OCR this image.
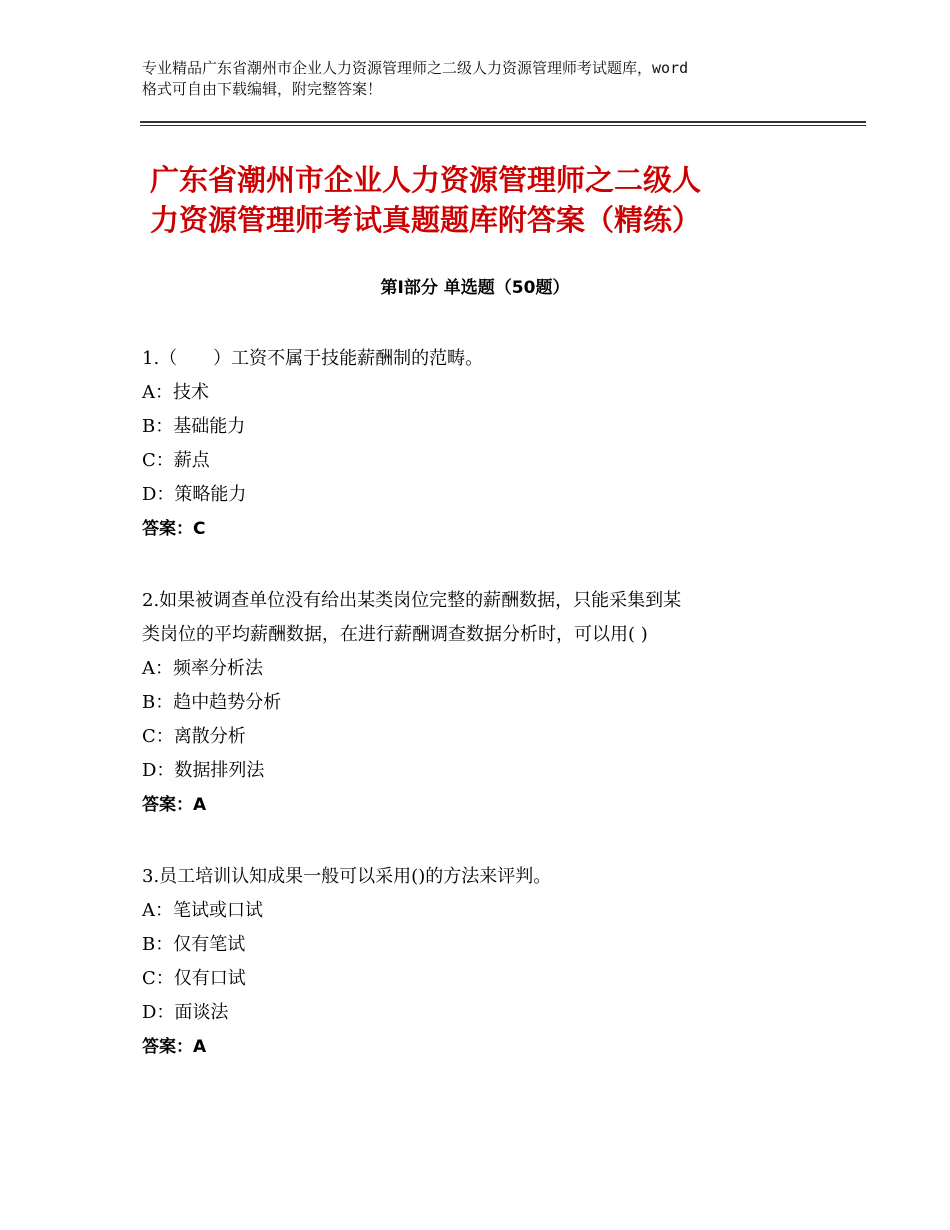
专业精品广东省潮州市企业人力资源管理师之二级人力资源管理师考试题库，word
格式可自由下载编辑，附完整答案！
广东省潮州市企业人力资源管理师之二级人
力资源管理师考试真题题库附答案（精练）
第Ⅰ部分 单选题（50题）

1.（　　）工资不属于技能薪酬制的范畴。

A：技术

B：基础能力

C：薪点

D：策略能力

答案：C

2.如果被调查单位没有给出某类岗位完整的薪酬数据，只能采集到某

类岗位的平均薪酬数据，在进行薪酬调查数据分析时，可以用( )

A：频率分析法

B：趋中趋势分析

C：离散分析

D：数据排列法

答案：A

3.员工培训认知成果一般可以采用()的方法来评判。

A：笔试或口试

B：仅有笔试

C：仅有口试

D：面谈法

答案：A
